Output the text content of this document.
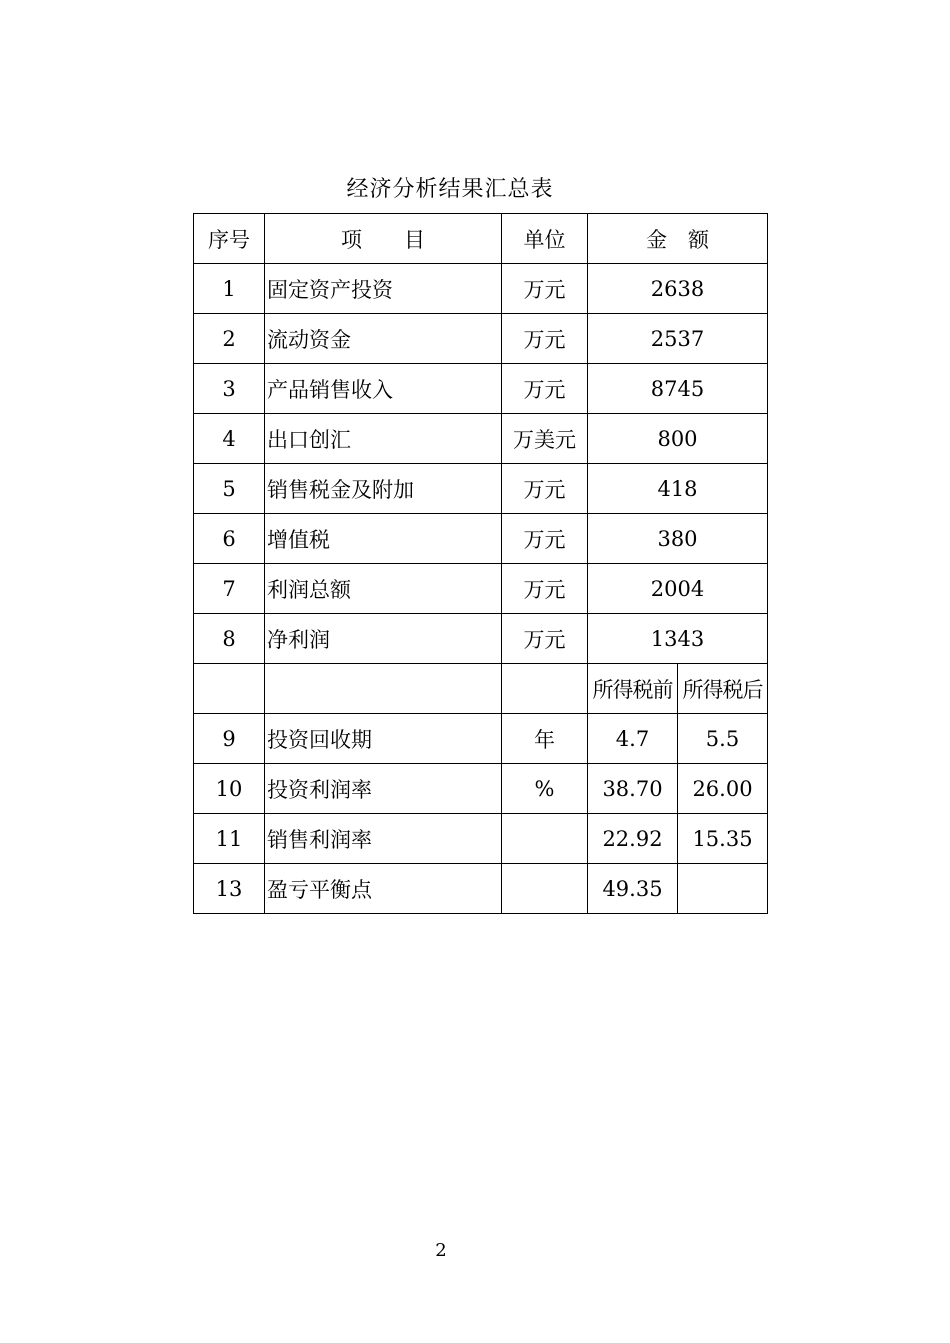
经济分析结果汇总表
序号	项　　目	单位	金　额	
1	固定资产投资	万元	2638	
2	流动资金	万元	2537	
3	产品销售收入	万元	8745	
4	出口创汇	万美元	800	
5	销售税金及附加	万元	418	
6	增值税	万元	380	
7	利润总额	万元	2004	
8	净利润	万元	1343	
			所得税前	所得税后
9	投资回收期	年	4.7	5.5
10	投资利润率	%	38.70	26.00
11	销售利润率		22.92	15.35
13	盈亏平衡点		49.35	
2
